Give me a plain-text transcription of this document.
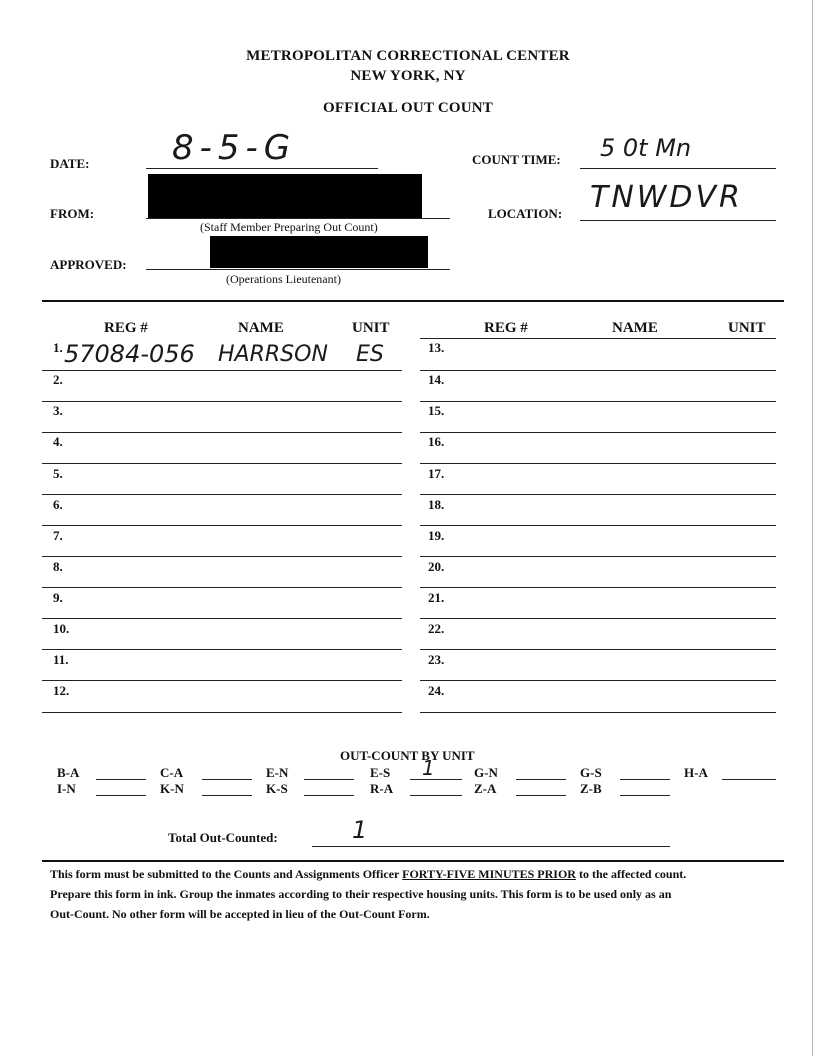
METROPOLITAN CORRECTIONAL CENTER
NEW YORK, NY
OFFICIAL OUT COUNT
DATE: 8-5-G	COUNT TIME: 5 0t Mn
FROM:
(Staff Member Preparing Out Count)
LOCATION: TNWDVR
APPROVED:
(Operations Lieutenant)
REG #	NAME	UNIT	REG #	NAME	UNIT
1. 57084-056 HARRSON ES
2.
3.
4.
5.
6.
7.
8.
9.
10.
11.
12.
13.
14.
15.
16.
17.
18.
19.
20.
21.
22.
23.
24.
OUT-COUNT BY UNIT
B-A	C-A	E-N	E-S 1	G-N	G-S	H-A
I-N	K-N	K-S	R-A	Z-A	Z-B
Total Out-Counted:	1
This form must be submitted to the Counts and Assignments Officer FORTY-FIVE MINUTES PRIOR to the affected count.
Prepare this form in ink. Group the inmates according to their respective housing units. This form is to be used only as an
Out-Count. No other form will be accepted in lieu of the Out-Count Form.
